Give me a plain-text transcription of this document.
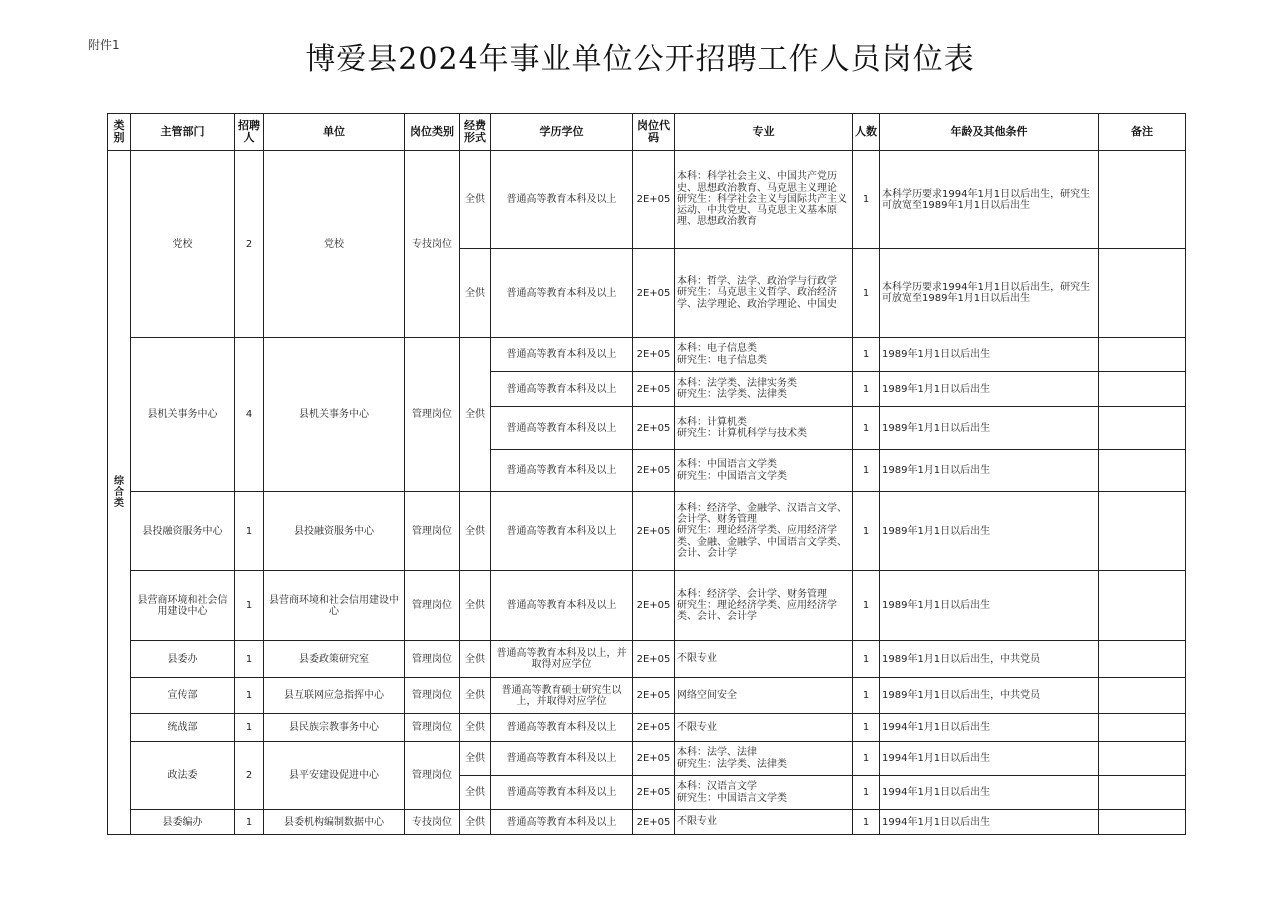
附件1	博爱县2024年事业单位公开招聘工作人员岗位表
类别	主管部门	招聘人	单位	岗位类别	经费形式	学历学位	岗位代码	专业	人数	年龄及其他条件	备注

综
合
类	党校	2	党校	专技岗位	全供	普通高等教育本科及以上	2E+05	本科：科学社会主义、中国共产党历史、思想政治教育、马克思主义理论
研究生：科学社会主义与国际共产主义运动、中共党史、马克思主义基本原理、思想政治教育	1	本科学历要求1994年1月1日以后出生，研究生可放宽至1989年1月1日以后出生	
					全供	普通高等教育本科及以上	2E+05	本科：哲学、法学、政治学与行政学
研究生：马克思主义哲学、政治经济学、法学理论、政治学理论、中国史	1	本科学历要求1994年1月1日以后出生，研究生可放宽至1989年1月1日以后出生	
	县机关事务中心	4	县机关事务中心	管理岗位	全供	普通高等教育本科及以上	2E+05	本科：电子信息类
研究生：电子信息类	1	1989年1月1日以后出生	
						普通高等教育本科及以上	2E+05	本科：法学类、法律实务类
研究生：法学类、法律类	1	1989年1月1日以后出生	
						普通高等教育本科及以上	2E+05	本科：计算机类
研究生：计算机科学与技术类	1	1989年1月1日以后出生	
						普通高等教育本科及以上	2E+05	本科：中国语言文学类
研究生：中国语言文学类	1	1989年1月1日以后出生	
	县投融资服务中心	1	县投融资服务中心	管理岗位	全供	普通高等教育本科及以上	2E+05	本科：经济学、金融学、汉语言文学、会计学、财务管理
研究生：理论经济学类、应用经济学类、金融、金融学、中国语言文学类、会计、会计学	1	1989年1月1日以后出生	
	县营商环境和社会信用建设中心	1	县营商环境和社会信用建设中心	管理岗位	全供	普通高等教育本科及以上	2E+05	本科：经济学、会计学、财务管理
研究生：理论经济学类、应用经济学类、会计、会计学	1	1989年1月1日以后出生	
	县委办	1	县委政策研究室	管理岗位	全供	普通高等教育本科及以上，并取得对应学位	2E+05	不限专业	1	1989年1月1日以后出生，中共党员	
	宣传部	1	县互联网应急指挥中心	管理岗位	全供	普通高等教育硕士研究生以上，并取得对应学位	2E+05	网络空间安全	1	1989年1月1日以后出生，中共党员	
	统战部	1	县民族宗教事务中心	管理岗位	全供	普通高等教育本科及以上	2E+05	不限专业	1	1994年1月1日以后出生	
	政法委	2	县平安建设促进中心	管理岗位	全供	普通高等教育本科及以上	2E+05	本科：法学、法律
研究生：法学类、法律类	1	1994年1月1日以后出生	
					全供	普通高等教育本科及以上	2E+05	本科：汉语言文学
研究生：中国语言文学类	1	1994年1月1日以后出生	
	县委编办	1	县委机构编制数据中心	专技岗位	全供	普通高等教育本科及以上	2E+05	不限专业	1	1994年1月1日以后出生	
